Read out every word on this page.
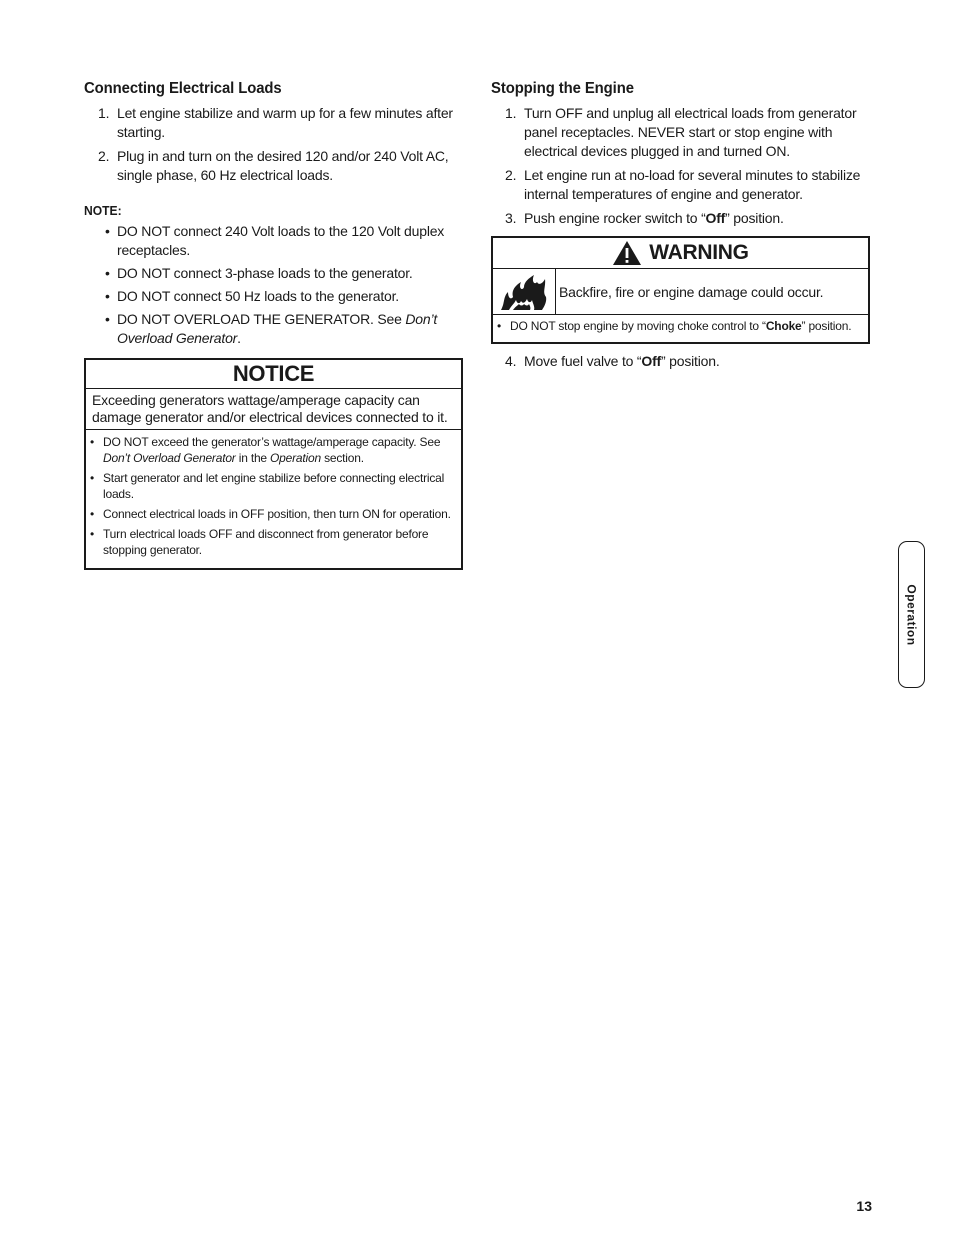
Connecting Electrical Loads
1. Let engine stabilize and warm up for a few minutes after starting.
2. Plug in and turn on the desired 120 and/or 240 Volt AC, single phase, 60 Hz electrical loads.
NOTE:
• DO NOT connect 240 Volt loads to the 120 Volt duplex receptacles.
• DO NOT connect 3-phase loads to the generator.
• DO NOT connect 50 Hz loads to the generator.
• DO NOT OVERLOAD THE GENERATOR. See Don’t Overload Generator.
NOTICE
Exceeding generators wattage/amperage capacity can damage generator and/or electrical devices connected to it.
• DO NOT exceed the generator’s wattage/amperage capacity. See Don’t Overload Generator in the Operation section.
• Start generator and let engine stabilize before connecting electrical loads.
• Connect electrical loads in OFF position, then turn ON for operation.
• Turn electrical loads OFF and disconnect from generator before stopping generator.
Stopping the Engine
1. Turn OFF and unplug all electrical loads from generator panel receptacles. NEVER start or stop engine with electrical devices plugged in and turned ON.
2. Let engine run at no-load for several minutes to stabilize internal temperatures of engine and generator.
3. Push engine rocker switch to “Off” position.
WARNING
Backfire, fire or engine damage could occur.
• DO NOT stop engine by moving choke control to “Choke” position.
4. Move fuel valve to “Off” position.
Operation
13
